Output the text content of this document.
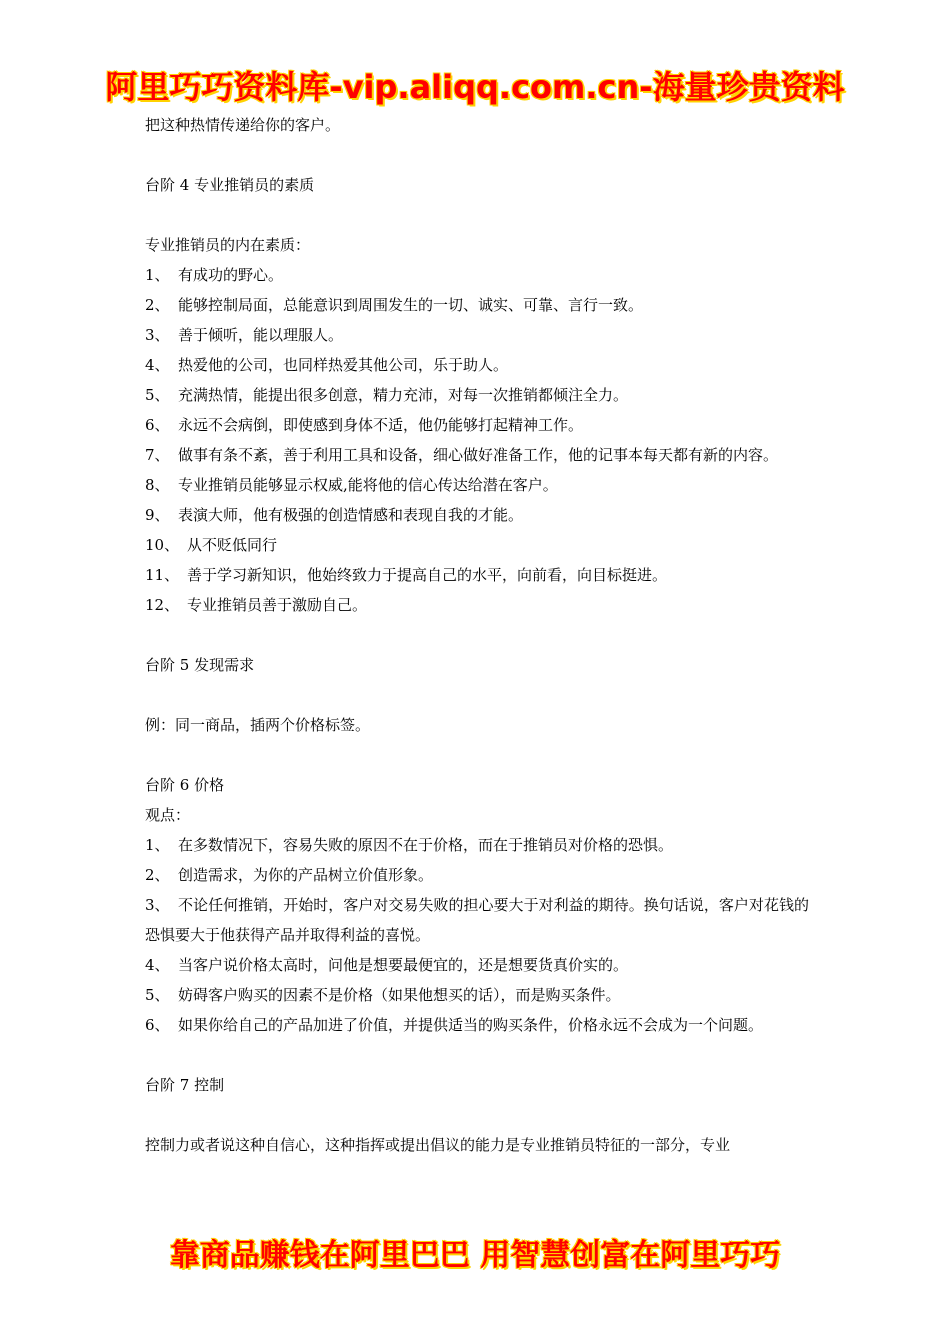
阿里巧巧资料库-vip.aliqq.com.cn-海量珍贵资料

把这种热情传递给你的客户。

台阶 4 专业推销员的素质

专业推销员的内在素质：

1、 有成功的野心。

2、 能够控制局面，总能意识到周围发生的一切、诚实、可靠、言行一致。

3、 善于倾听，能以理服人。

4、 热爱他的公司，也同样热爱其他公司，乐于助人。

5、 充满热情，能提出很多创意，精力充沛，对每一次推销都倾注全力。

6、 永远不会病倒，即使感到身体不适，他仍能够打起精神工作。

7、 做事有条不紊，善于利用工具和设备，细心做好准备工作，他的记事本每天都有新的内容。

8、 专业推销员能够显示权威,能将他的信心传达给潜在客户。

9、 表演大师，他有极强的创造情感和表现自我的才能。

10、 从不贬低同行

11、 善于学习新知识，他始终致力于提高自己的水平，向前看，向目标挺进。

12、 专业推销员善于激励自己。

台阶 5 发现需求

例：同一商品，插两个价格标签。

台阶 6 价格

观点：

1、 在多数情况下，容易失败的原因不在于价格，而在于推销员对价格的恐惧。

2、 创造需求，为你的产品树立价值形象。

3、 不论任何推销，开始时，客户对交易失败的担心要大于对利益的期待。换句话说，客户对花钱的恐惧要大于他获得产品并取得利益的喜悦。

4、 当客户说价格太高时，问他是想要最便宜的，还是想要货真价实的。

5、 妨碍客户购买的因素不是价格（如果他想买的话），而是购买条件。

6、 如果你给自己的产品加进了价值，并提供适当的购买条件，价格永远不会成为一个问题。

台阶 7 控制

控制力或者说这种自信心，这种指挥或提出倡议的能力是专业推销员特征的一部分，专业

靠商品赚钱在阿里巴巴 用智慧创富在阿里巧巧
